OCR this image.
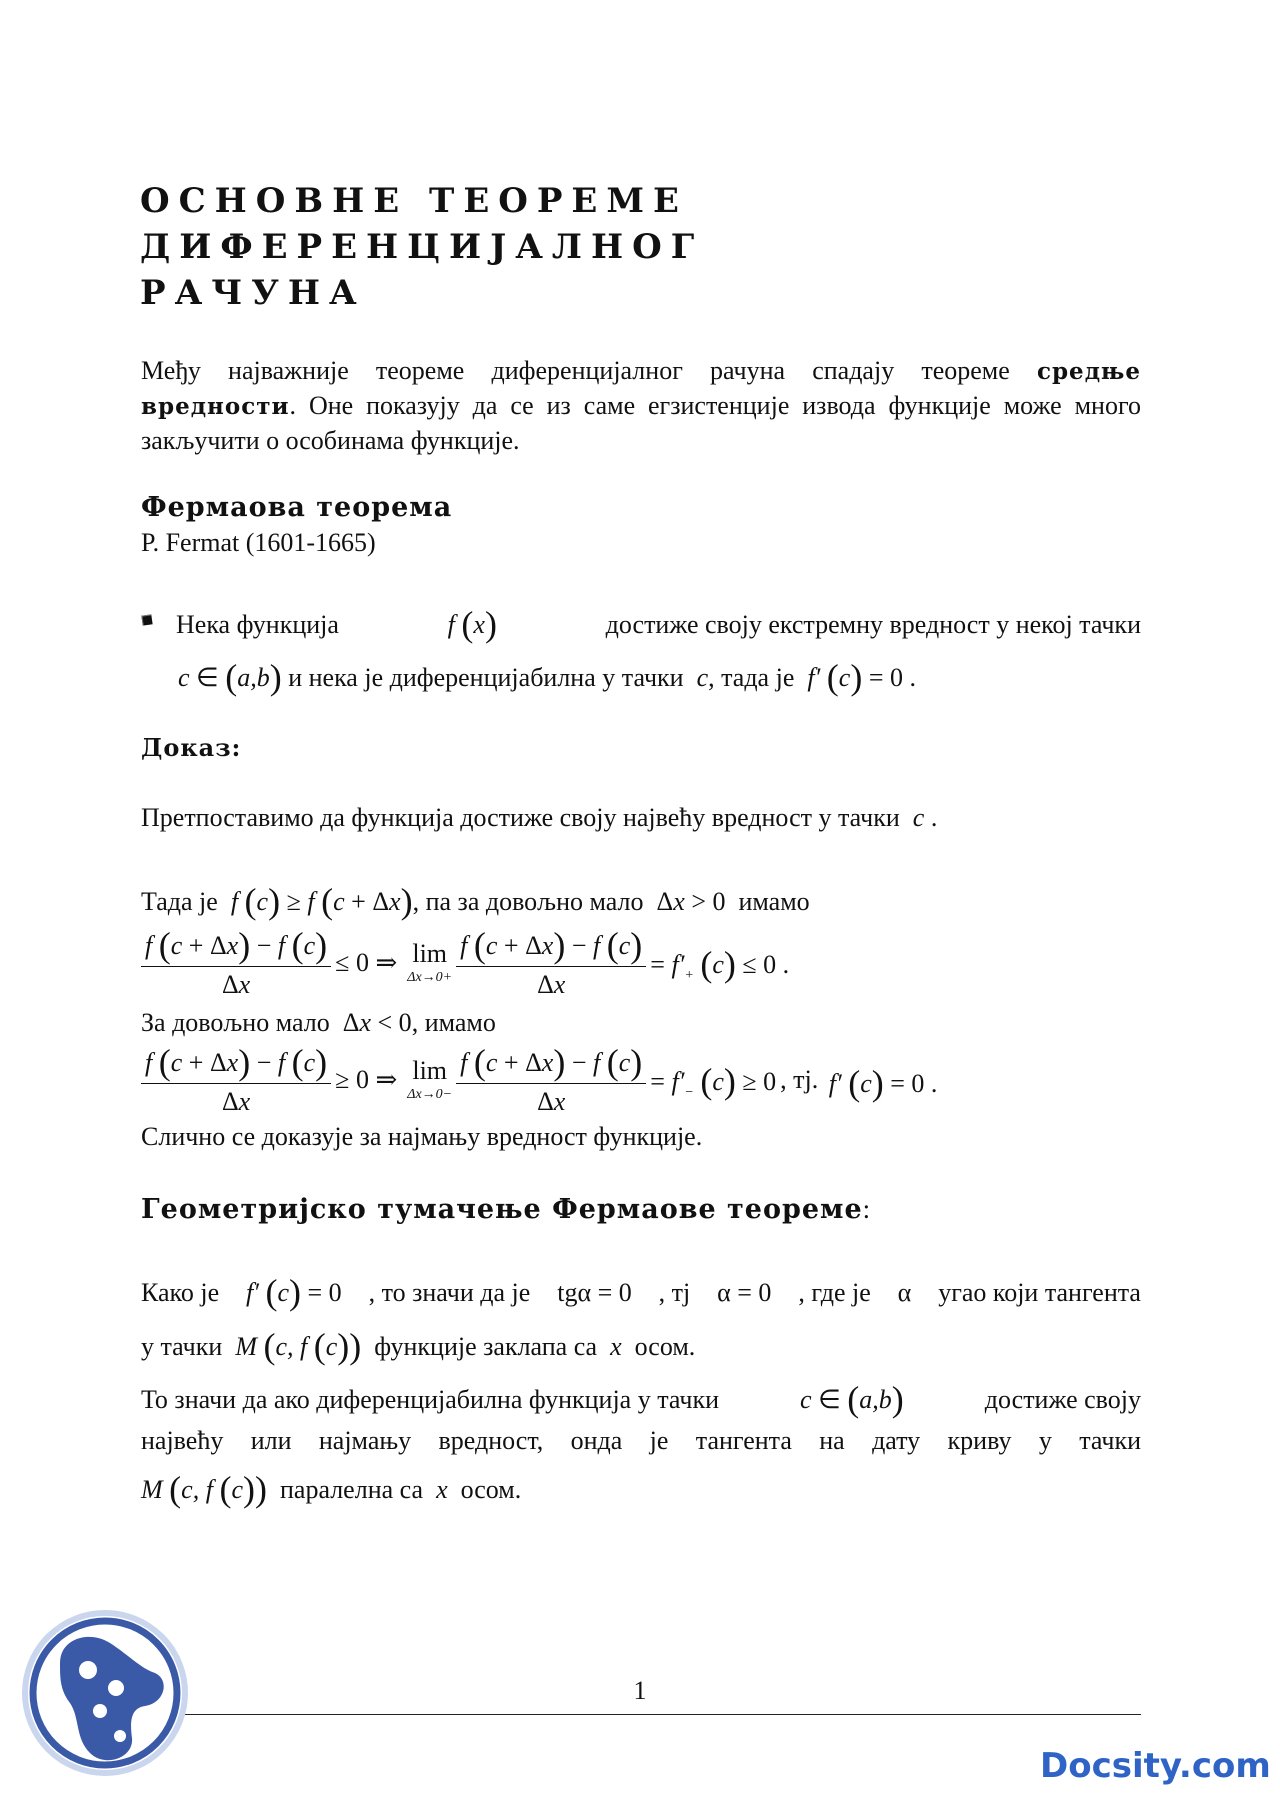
ОСНОВНЕ ТЕОРЕМЕ ДИФЕРЕНЦИЈАЛНОГ
РАЧУНА

Међу најважније теореме диференцијалног рачуна спадају теореме средње вредности. Оне показују да се из саме егзистенције извода функције може много закључити о особинама функције.

Фермаова теорема
P. Fermat (1601-1665)
Нека функција	f (x)	достиже своју екстремну вредност у некој тачки
c ∈ (a,b) и нека је диференцијабилна у тачки  c, тада је  f′ (c) = 0 .
Доказ:
Претпоставимо да функција достиже своју највећу вредност у тачки  c .
Тада је  f (c) ≥ f (c + Δx), па за довољно мало Δx > 0 имамо
$\frac{f (c + \Delta x) - f (c)}{\Delta x} \le 0$ ⇒ lim
$\Delta x\to 0+ \frac{f (c + \Delta x) - f (c)}{\Delta x} = f'_+$ (c) ≤ 0 .
За довољно мало Δx < 0, имамо
$\frac{f (c + \Delta x) - f (c)}{\Delta x} \ge 0$ ⇒ lim
$\Delta x\to 0- \frac{f (c + \Delta x) - f (c)}{\Delta x} = f'_-$ (c) ≥ 0 , тј. f′ (c) = 0 .
Слично се доказује за најмању вредност функције.
Геометријско тумачење Фермаове теореме:
Како је f′ (c) = 0 , то значи да је tgα = 0 , тј α = 0 , где је α угао који тангента
у тачки  M (c, f (c)) функције заклапа са  x  осом.
То значи да ако диференцијабилна функција у тачки	c ∈ (a,b)	достиже своју
највећу или најмању вредност, онда је тангента на дату криву у тачки
M (c, f (c)) паралелна са  x  осом.
1
Docsity.com
